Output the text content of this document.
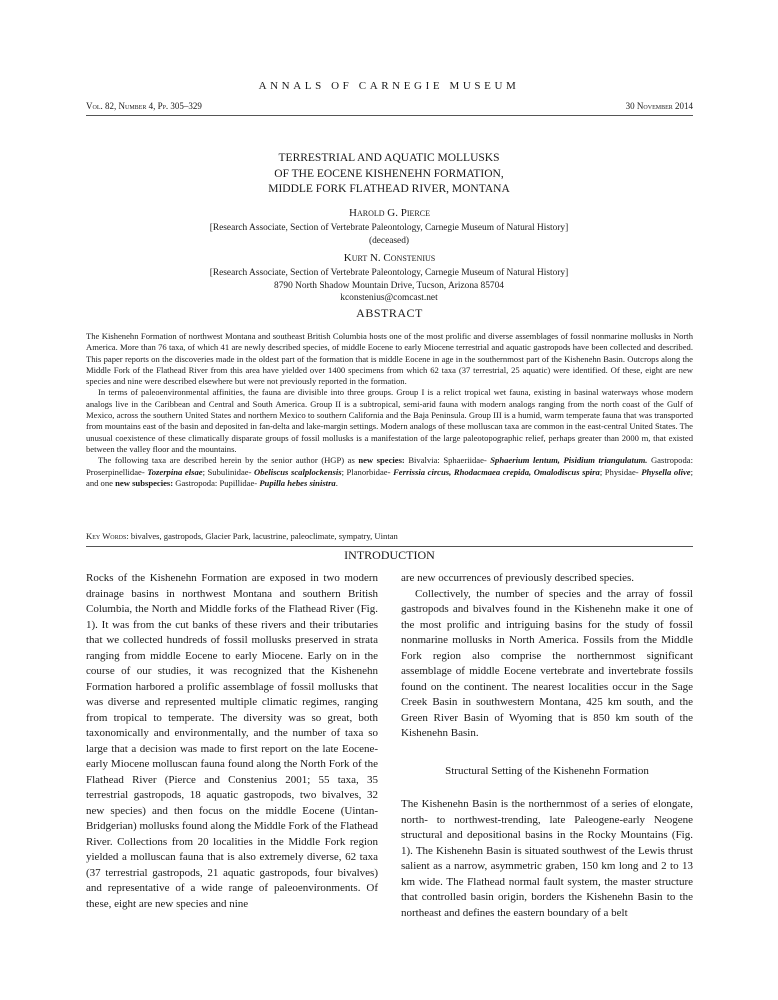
ANNALS OF CARNEGIE MUSEUM
Vol. 82, Number 4, Pp. 305–329	30 November 2014
TERRESTRIAL AND AQUATIC MOLLUSKS
OF THE EOCENE KISHENEHN FORMATION,
MIDDLE FORK FLATHEAD RIVER, MONTANA
Harold G. Pierce
[Research Associate, Section of Vertebrate Paleontology, Carnegie Museum of Natural History]
(deceased)
Kurt N. Constenius
[Research Associate, Section of Vertebrate Paleontology, Carnegie Museum of Natural History]
8790 North Shadow Mountain Drive, Tucson, Arizona 85704
kconstenius@comcast.net
ABSTRACT

The Kishenehn Formation of northwest Montana and southeast British Columbia hosts one of the most prolific and diverse assemblages of fossil nonmarine mollusks in North America. More than 76 taxa, of which 41 are newly described species, of middle Eocene to early Miocene terrestrial and aquatic gastropods have been collected and described. This paper reports on the discoveries made in the oldest part of the formation that is middle Eocene in age in the southernmost part of the Kishenehn Basin. Outcrops along the Middle Fork of the Flathead River from this area have yielded over 1400 specimens from which 62 taxa (37 terrestrial, 25 aquatic) were identified. Of these, eight are new species and nine were described elsewhere but were not previously reported in the formation.

In terms of paleoenvironmental affinities, the fauna are divisible into three groups. Group I is a relict tropical wet fauna, existing in basinal waterways whose modern analogs live in the Caribbean and Central and South America. Group II is a subtropical, semi-arid fauna with modern analogs ranging from the north coast of the Gulf of Mexico, across the southern United States and northern Mexico to southern California and the Baja Peninsula. Group III is a humid, warm temperate fauna that was transported from mountains east of the basin and deposited in fan-delta and lake-margin settings. Modern analogs of these molluscan taxa are common in the east-central United States. The unusual coexistence of these climatically disparate groups of fossil mollusks is a manifestation of the large paleotopographic relief, perhaps greater than 2000 m, that existed between the valley floor and the mountains.

The following taxa are described herein by the senior author (HGP) as new species: Bivalvia: Sphaeriidae- Sphaerium lentum, Pisidium triangulatum. Gastropoda: Proserpinellidae- Tozerpina elsae; Subulinidae- Obeliscus scalplockensis; Planorbidae- Ferrissia circus, Rhodacmaea crepida, Omalodiscus spira; Physidae- Physella olive; and one new subspecies: Gastropoda: Pupillidae- Pupilla hebes sinistra.

Key Words: bivalves, gastropods, Glacier Park, lacustrine, paleoclimate, sympatry, Uintan
INTRODUCTION

Rocks of the Kishenehn Formation are exposed in two modern drainage basins in northwest Montana and southern British Columbia, the North and Middle forks of the Flathead River (Fig. 1). It was from the cut banks of these rivers and their tributaries that we collected hundreds of fossil mollusks preserved in strata ranging from middle Eocene to early Miocene. Early on in the course of our studies, it was recognized that the Kishenehn Formation harbored a prolific assemblage of fossil mollusks that was diverse and represented multiple climatic regimes, ranging from tropical to temperate. The diversity was so great, both taxonomically and environmentally, and the number of taxa so large that a decision was made to first report on the late Eocene-early Miocene molluscan fauna found along the North Fork of the Flathead River (Pierce and Constenius 2001; 55 taxa, 35 terrestrial gastropods, 18 aquatic gastropods, two bivalves, 32 new species) and then focus on the middle Eocene (Uintan-Bridgerian) mollusks found along the Middle Fork of the Flathead River. Collections from 20 localities in the Middle Fork region yielded a molluscan fauna that is also extremely diverse, 62 taxa (37 terrestrial gastropods, 21 aquatic gastropods, four bivalves) and representative of a wide range of paleoenvironments. Of these, eight are new species and nine

are new occurrences of previously described species.

Collectively, the number of species and the array of fossil gastropods and bivalves found in the Kishenehn make it one of the most prolific and intriguing basins for the study of fossil nonmarine mollusks in North America. Fossils from the Middle Fork region also comprise the northernmost significant assemblage of middle Eocene vertebrate and invertebrate fossils found on the continent. The nearest localities occur in the Sage Creek Basin in southwestern Montana, 425 km south, and the Green River Basin of Wyoming that is 850 km south of the Kishenehn Basin.

Structural Setting of the Kishenehn Formation

The Kishenehn Basin is the northernmost of a series of elongate, north- to northwest-trending, late Paleogene-early Neogene structural and depositional basins in the Rocky Mountains (Fig. 1). The Kishenehn Basin is situated southwest of the Lewis thrust salient as a narrow, asymmetric graben, 150 km long and 2 to 13 km wide. The Flathead normal fault system, the master structure that controlled basin origin, borders the Kishenehn Basin to the northeast and defines the eastern boundary of a belt
